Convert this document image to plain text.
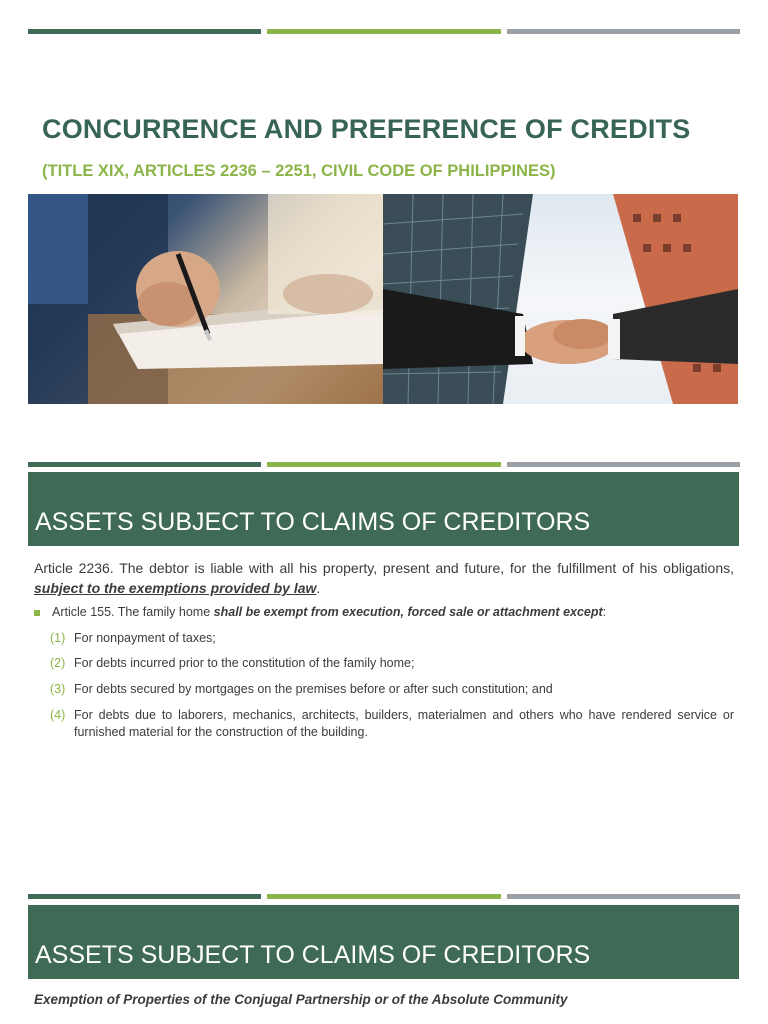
CONCURRENCE AND PREFERENCE OF CREDITS
(TITLE XIX, ARTICLES 2236 – 2251, CIVIL CODE OF PHILIPPINES)
ASSETS SUBJECT TO CLAIMS OF CREDITORS
Article 2236. The debtor is liable with all his property, present and future, for the fulfillment of his obligations, subject to the exemptions provided by law.
Article 155. The family home shall be exempt from execution, forced sale or attachment except:
(1) For nonpayment of taxes;
(2) For debts incurred prior to the constitution of the family home;
(3) For debts secured by mortgages on the premises before or after such constitution; and
(4) For debts due to laborers, mechanics, architects, builders, materialmen and others who have rendered service or furnished material for the construction of the building.
ASSETS SUBJECT TO CLAIMS OF CREDITORS
Exemption of Properties of the Conjugal Partnership or of the Absolute Community
